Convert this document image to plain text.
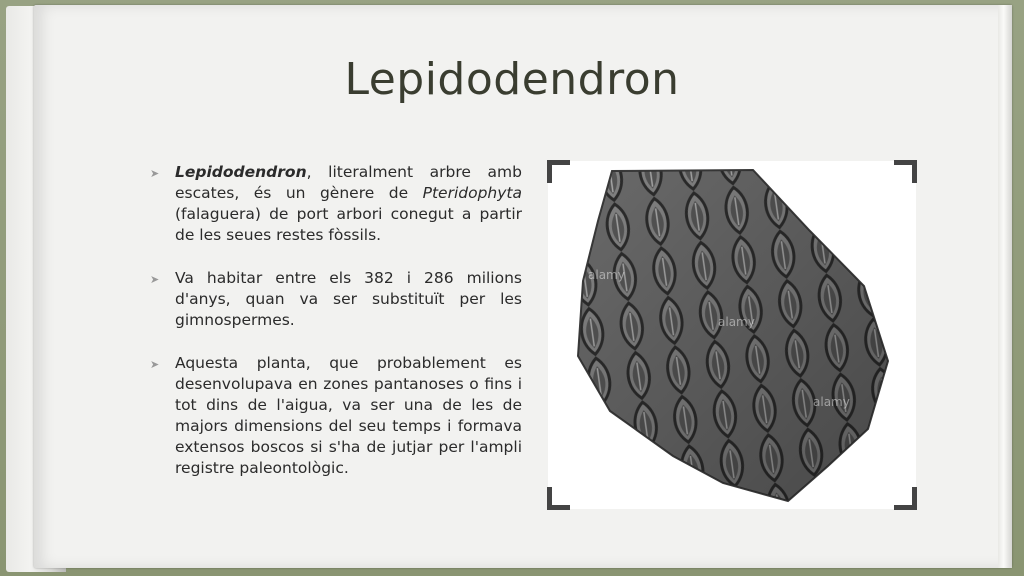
Lepidodendron
➤ Lepidodendron, literalment arbre amb escates, és un gènere de Pteridophyta (falaguera) de port arbori conegut a partir de les seues restes fòssils.
➤ Va habitar entre els 382 i 286 milions d'anys, quan va ser substituït per les gimnospermes.
➤ Aquesta planta, que probablement es desenvolupava en zones pantanoses o fins i tot dins de l'aigua, va ser una de les de majors dimensions del seu temps i formava extensos boscos si s'ha de jutjar per l'ampli registre paleontològic.
alamy
alamy
alamy
